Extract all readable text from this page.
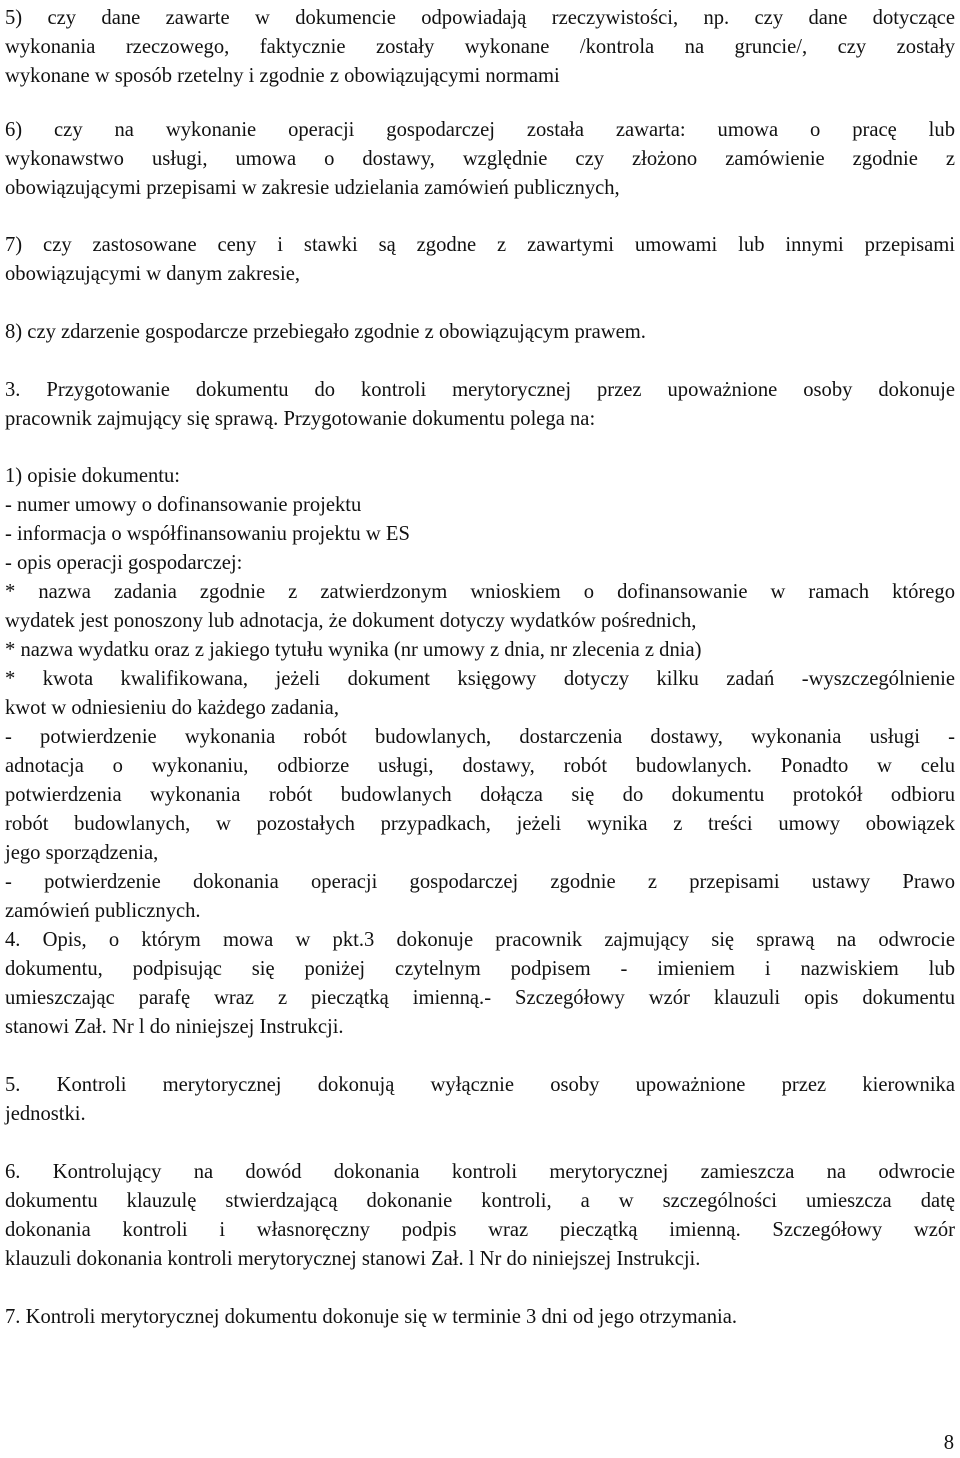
5) czy dane zawarte w dokumencie odpowiadają rzeczywistości, np. czy dane dotyczące
wykonania rzeczowego, faktycznie zostały wykonane /kontrola na gruncie/, czy zostały
wykonane w sposób rzetelny i zgodnie z obowiązującymi normami
6) czy na wykonanie operacji gospodarczej została zawarta: umowa o pracę lub
wykonawstwo usługi, umowa o dostawy, względnie czy złożono zamówienie zgodnie z
obowiązującymi przepisami w zakresie udzielania zamówień publicznych,
7) czy zastosowane ceny i stawki są zgodne z zawartymi umowami lub innymi przepisami
obowiązującymi w danym zakresie,
8) czy zdarzenie gospodarcze przebiegało zgodnie z obowiązującym prawem.
3. Przygotowanie dokumentu do kontroli merytorycznej przez upoważnione osoby dokonuje
pracownik zajmujący się sprawą. Przygotowanie dokumentu polega na:
1) opisie dokumentu:
- numer umowy o dofinansowanie projektu
- informacja o współfinansowaniu projektu w ES
- opis operacji gospodarczej:
* nazwa zadania zgodnie z zatwierdzonym wnioskiem o dofinansowanie w ramach którego
wydatek jest ponoszony lub adnotacja, że dokument dotyczy wydatków pośrednich,
* nazwa wydatku oraz z jakiego tytułu wynika (nr umowy z dnia, nr zlecenia z dnia)
* kwota kwalifikowana, jeżeli dokument księgowy dotyczy kilku zadań -wyszczególnienie
kwot w odniesieniu do każdego zadania,
- potwierdzenie wykonania robót budowlanych, dostarczenia dostawy, wykonania usługi -
adnotacja o wykonaniu, odbiorze usługi, dostawy, robót budowlanych. Ponadto w celu
potwierdzenia wykonania robót budowlanych dołącza się do dokumentu protokół odbioru
robót budowlanych, w pozostałych przypadkach, jeżeli wynika z treści umowy obowiązek
jego sporządzenia,
- potwierdzenie dokonania operacji gospodarczej zgodnie z przepisami ustawy Prawo
zamówień publicznych.
4. Opis, o którym mowa w pkt.3 dokonuje pracownik zajmujący się sprawą na odwrocie
dokumentu, podpisując się poniżej czytelnym podpisem - imieniem i nazwiskiem lub
umieszczając parafę wraz z pieczątką imienną.- Szczegółowy wzór klauzuli opis dokumentu
stanowi Zał. Nr l do niniejszej Instrukcji.
5. Kontroli merytorycznej dokonują wyłącznie osoby upoważnione przez kierownika
jednostki.
6. Kontrolujący na dowód dokonania kontroli merytorycznej zamieszcza na odwrocie
dokumentu klauzulę stwierdzającą dokonanie kontroli, a w szczególności umieszcza datę
dokonania kontroli i własnoręczny podpis wraz pieczątką imienną. Szczegółowy wzór
klauzuli dokonania kontroli merytorycznej stanowi Zał. l Nr do niniejszej Instrukcji.
7. Kontroli merytorycznej dokumentu dokonuje się w terminie 3 dni od jego otrzymania.
8
